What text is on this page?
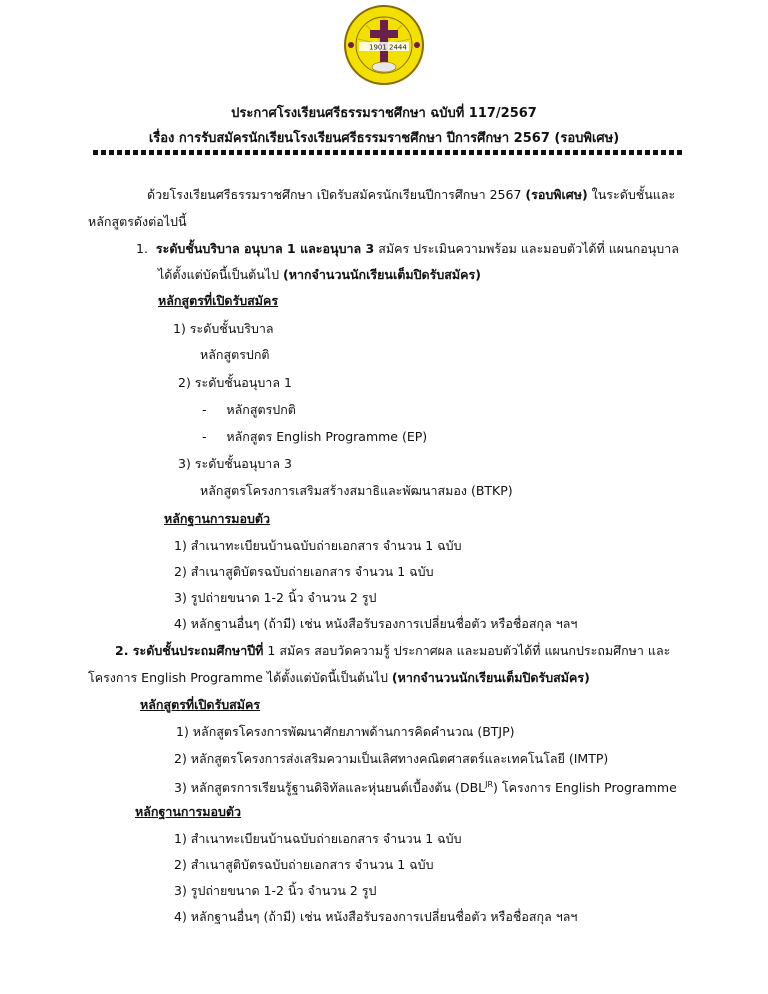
1901 2444
ประกาศโรงเรียนศรีธรรมราชศึกษา ฉบับที่ 117/2567
เรื่อง การรับสมัครนักเรียนโรงเรียนศรีธรรมราชศึกษา ปีการศึกษา 2567 (รอบพิเศษ)
ด้วยโรงเรียนศรีธรรมราชศึกษา เปิดรับสมัครนักเรียนปีการศึกษา 2567 (รอบพิเศษ) ในระดับชั้นและ
หลักสูตรดังต่อไปนี้
1. ระดับชั้นบริบาล อนุบาล 1 และอนุบาล 3 สมัคร ประเมินความพร้อม และมอบตัวได้ที่ แผนกอนุบาล
ได้ตั้งแต่บัดนี้เป็นต้นไป (หากจำนวนนักเรียนเต็มปิดรับสมัคร)
หลักสูตรที่เปิดรับสมัคร
1) ระดับชั้นบริบาล
หลักสูตรปกติ
2) ระดับชั้นอนุบาล 1
-     หลักสูตรปกติ
-     หลักสูตร English Programme (EP)
3) ระดับชั้นอนุบาล 3
หลักสูตรโครงการเสริมสร้างสมาธิและพัฒนาสมอง (BTKP)
หลักฐานการมอบตัว
1) สำเนาทะเบียนบ้านฉบับถ่ายเอกสาร จำนวน 1 ฉบับ
2) สำเนาสูติบัตรฉบับถ่ายเอกสาร จำนวน 1 ฉบับ
3) รูปถ่ายขนาด 1-2 นิ้ว จำนวน 2 รูป
4) หลักฐานอื่นๆ (ถ้ามี) เช่น หนังสือรับรองการเปลี่ยนชื่อตัว หรือชื่อสกุล ฯลฯ
2. ระดับชั้นประถมศึกษาปีที่ 1 สมัคร สอบวัดความรู้ ประกาศผล และมอบตัวได้ที่ แผนกประถมศึกษา และ
โครงการ English Programme ได้ตั้งแต่บัดนี้เป็นต้นไป (หากจำนวนนักเรียนเต็มปิดรับสมัคร)
หลักสูตรที่เปิดรับสมัคร
1) หลักสูตรโครงการพัฒนาศักยภาพด้านการคิดคำนวณ (BTJP)
2) หลักสูตรโครงการส่งเสริมความเป็นเลิศทางคณิตศาสตร์และเทคโนโลยี (IMTP)
3) หลักสูตรการเรียนรู้ฐานดิจิทัลและหุ่นยนต์เบื้องต้น $(DBL^{JR})$ โครงการ English Programme
หลักฐานการมอบตัว
1) สำเนาทะเบียนบ้านฉบับถ่ายเอกสาร จำนวน 1 ฉบับ
2) สำเนาสูติบัตรฉบับถ่ายเอกสาร จำนวน 1 ฉบับ
3) รูปถ่ายขนาด 1-2 นิ้ว จำนวน 2 รูป
4) หลักฐานอื่นๆ (ถ้ามี) เช่น หนังสือรับรองการเปลี่ยนชื่อตัว หรือชื่อสกุล ฯลฯ
